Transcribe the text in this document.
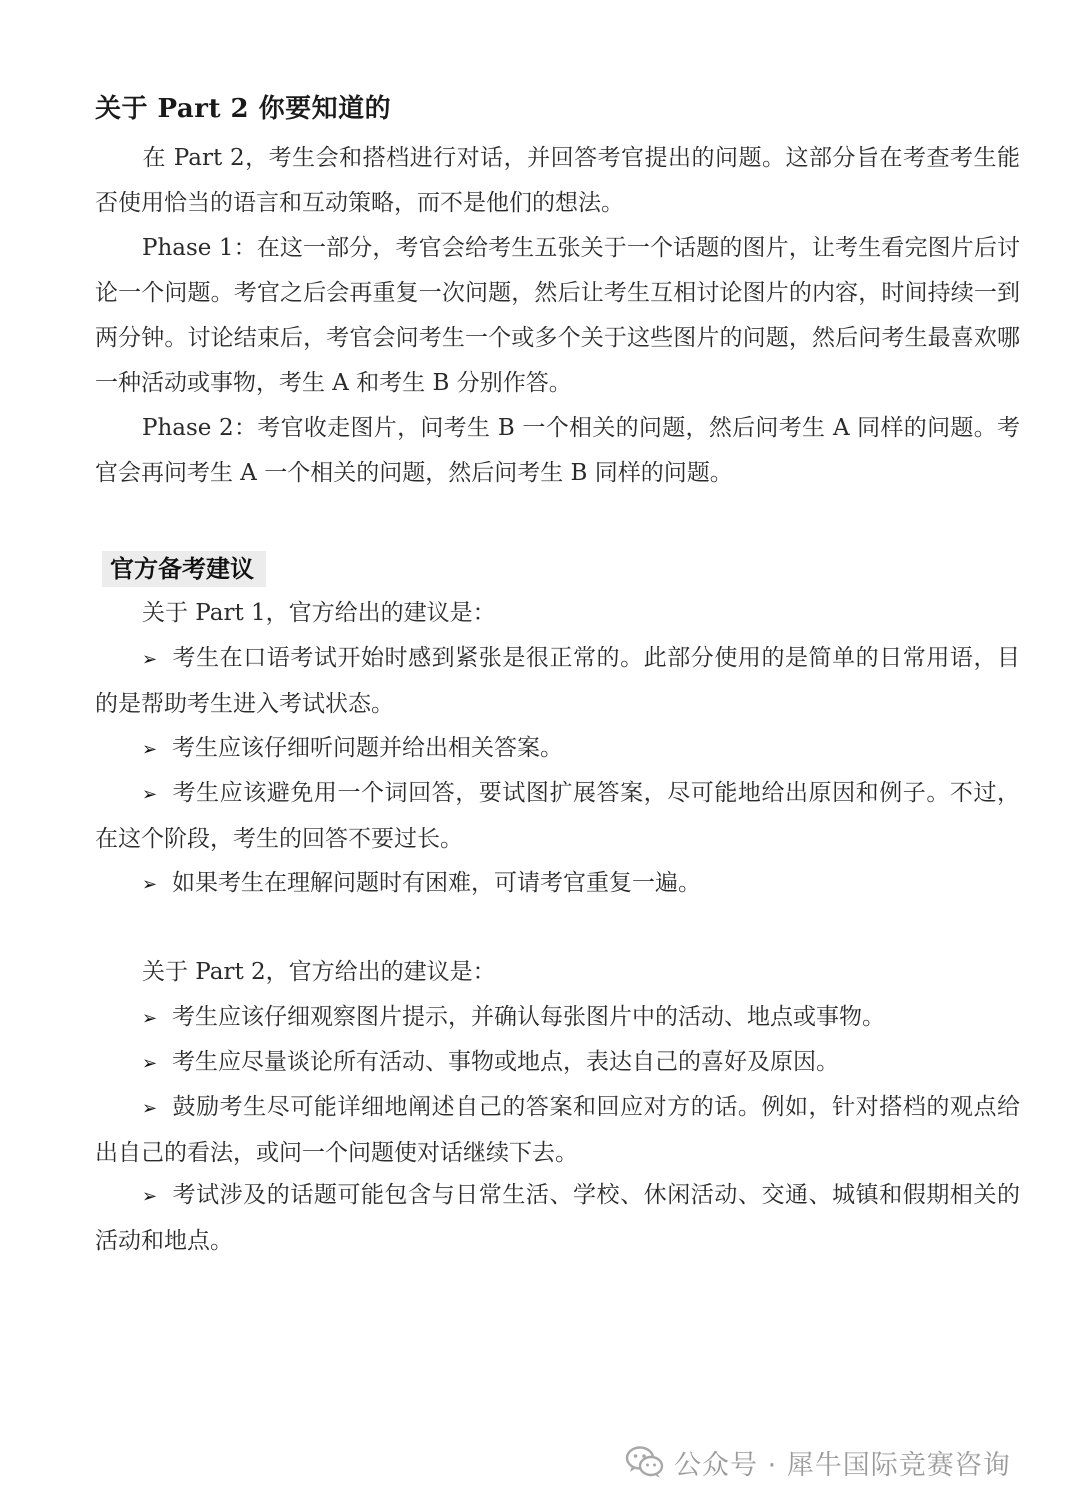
关于 Part 2 你要知道的

在 Part 2，考生会和搭档进行对话，并回答考官提出的问题。这部分旨在考查考生能否使用恰当的语言和互动策略，而不是他们的想法。

Phase 1：在这一部分，考官会给考生五张关于一个话题的图片，让考生看完图片后讨论一个问题。考官之后会再重复一次问题，然后让考生互相讨论图片的内容，时间持续一到两分钟。讨论结束后，考官会问考生一个或多个关于这些图片的问题，然后问考生最喜欢哪一种活动或事物，考生 A 和考生 B 分别作答。

Phase 2：考官收走图片，问考生 B 一个相关的问题，然后问考生 A 同样的问题。考官会再问考生 A 一个相关的问题，然后问考生 B 同样的问题。

官方备考建议

关于 Part 1，官方给出的建议是：

➢ 考生在口语考试开始时感到紧张是很正常的。此部分使用的是简单的日常用语，目的是帮助考生进入考试状态。

➢ 考生应该仔细听问题并给出相关答案。

➢ 考生应该避免用一个词回答，要试图扩展答案，尽可能地给出原因和例子。不过，在这个阶段，考生的回答不要过长。

➢ 如果考生在理解问题时有困难，可请考官重复一遍。

关于 Part 2，官方给出的建议是：

➢ 考生应该仔细观察图片提示，并确认每张图片中的活动、地点或事物。

➢ 考生应尽量谈论所有活动、事物或地点，表达自己的喜好及原因。

➢ 鼓励考生尽可能详细地阐述自己的答案和回应对方的话。例如，针对搭档的观点给出自己的看法，或问一个问题使对话继续下去。

➢ 考试涉及的话题可能包含与日常生活、学校、休闲活动、交通、城镇和假期相关的活动和地点。

公众号 · 犀牛国际竞赛咨询
